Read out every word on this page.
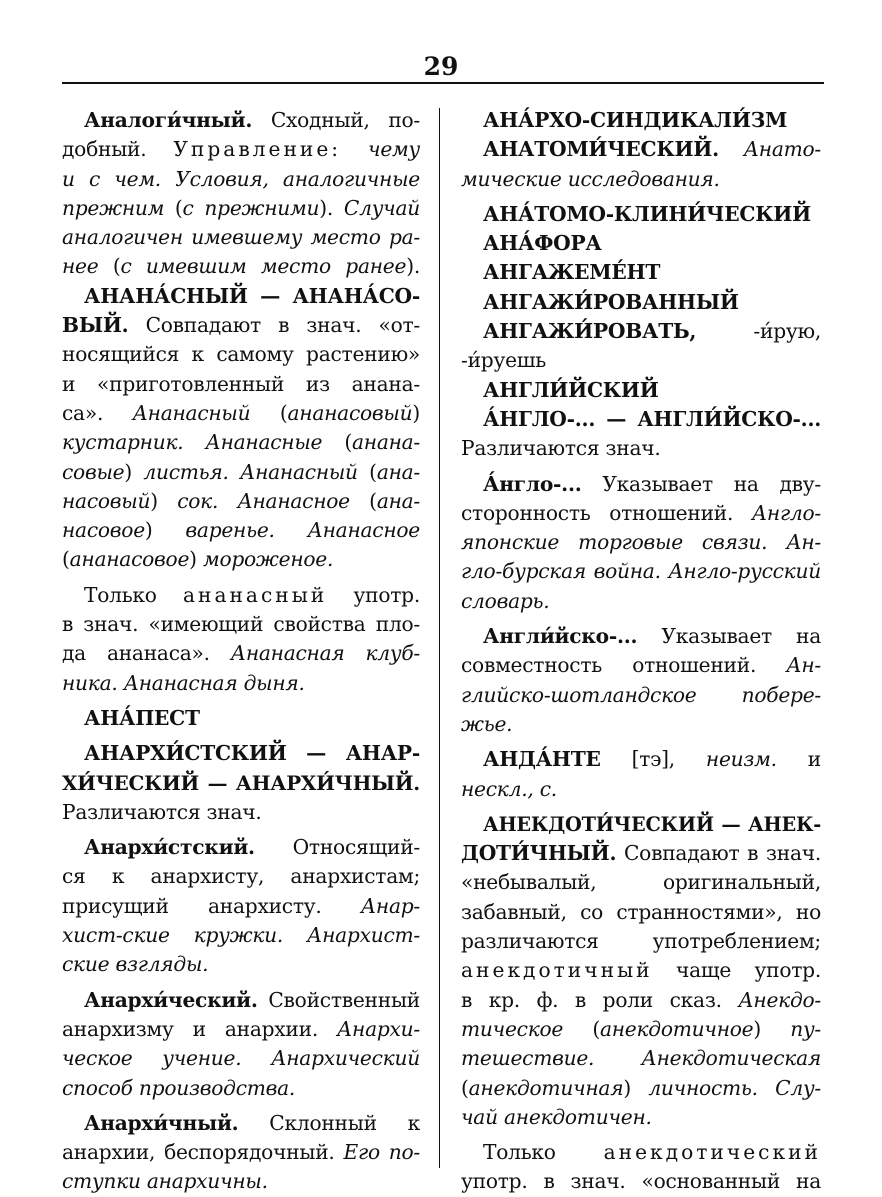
29
Аналоги́чный. Сходный, по-
добный. Управление: чему
и с чем. Условия, аналогичные
прежним (с прежними). Случай
аналогичен имевшему место ра-
нее (с имевшим место ранее).
АНАНА́СНЫЙ — АНАНА́СО-
ВЫЙ. Совпадают в знач. «от-
носящийся к самому растению»
и «приготовленный из анана-
са». Ананасный (ананасовый)
кустарник. Ананасные (анана-
совые) листья. Ананасный (ана-
насовый) сок. Ананасное (ана-
насовое) варенье. Ананасное
(ананасовое) мороженое.
Только ананасный употр.
в знач. «имеющий свойства пло-
да ананаса». Ананасная клуб-
ника. Ананасная дыня.
АНА́ПЕСТ
АНАРХИ́СТСКИЙ — АНАР-
ХИ́ЧЕСКИЙ — АНАРХИ́ЧНЫЙ.
Различаются знач.
Анархи́стский. Относящий-
ся к анархисту, анархистам;
присущий анархисту. Анар-
хист-ские кружки. Анархист-
ские взгляды.
Анархи́ческий. Свойственный
анархизму и анархии. Анархи-
ческое учение. Анархический
способ производства.
Анархи́чный. Склонный к
анархии, беспорядочный. Его по-
ступки анархичны.
АНА́РХО-СИНДИКАЛИ́ЗМ
АНАТОМИ́ЧЕСКИЙ. Анато-
мические исследования.
АНА́ТОМО-КЛИНИ́ЧЕСКИЙ
АНА́ФОРА
АНГАЖЕМЕ́НТ
АНГАЖИ́РОВАННЫЙ
АНГАЖИ́РОВАТЬ, -и́рую,
-и́руешь
АНГЛИ́ЙСКИЙ
А́НГЛО-... — АНГЛИ́ЙСКО-...
Различаются знач.
А́нгло-... Указывает на дву-
сторонность отношений. Англо-
японские торговые связи. Ан-
гло-бурская война. Англо-русский
словарь.
Англи́йско-... Указывает на
совместность отношений. Ан-
глийско-шотландское побере-
жье.
АНДА́НТЕ [тэ], неизм. и
нескл., с.
АНЕКДОТИ́ЧЕСКИЙ — АНЕК-
ДОТИ́ЧНЫЙ. Совпадают в знач.
«небывалый, оригинальный,
забавный, со странностями», но
различаются употреблением;
анекдотичный чаще употр.
в кр. ф. в роли сказ. Анекдо-
тическое (анекдотичное) пу-
тешествие. Анекдотическая
(анекдотичная) личность. Слу-
чай анекдотичен.
Только анекдотический
употр. в знач. «основанный на
